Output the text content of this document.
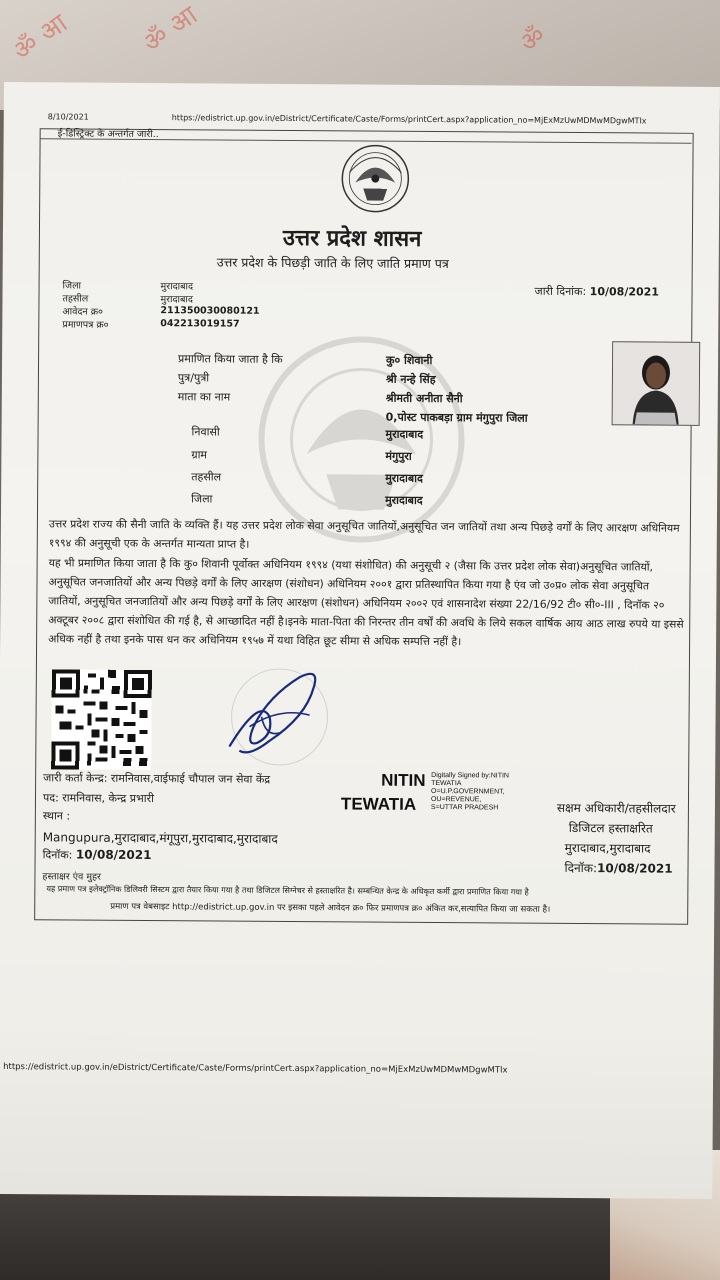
ॐ आ ॐ आ	ॐ
8/10/2021	https://edistrict.up.gov.in/eDistrict/Certificate/Caste/Forms/printCert.aspx?application_no=MjExMzUwMDMwMDgwMTIx
ई-डिस्ट्रिक्ट के अन्तर्गत जारी..
उत्तर प्रदेश शासन
उत्तर प्रदेश के पिछड़ी जाति के लिए जाति प्रमाण पत्र
जारी दिनांक: 10/08/2021
जिला	मुरादाबाद
तहसील	मुरादाबाद
आवेदन क्र०	211350030080121
प्रमाणपत्र क्र०	042213019157
प्रमाणित किया जाता है कि	कु० शिवानी
पुत्र/पुत्री	श्री नन्हे सिंह
माता का नाम	श्रीमती अनीता सैनी
0,पोस्ट पाकबड़ा ग्राम मंगुपुरा जिला
निवासी	मुरादाबाद
ग्राम	मंगुपुरा
तहसील	मुरादाबाद
जिला	मुरादाबाद
उत्तर प्रदेश राज्य की सैनी जाति के व्यक्ति हैं। यह उत्तर प्रदेश लोक सेवा अनुसूचित जातियों,अनुसूचित जन जातियों तथा अन्य पिछड़े वर्गों के लिए आरक्षण अधिनियम १९९४ की अनुसूची एक के अन्तर्गत मान्यता प्राप्त है।
यह भी प्रमाणित किया जाता है कि कु० शिवानी पूर्वोक्त अधिनियम १९९४ (यथा संशोधित) की अनुसूची २ (जैसा कि उत्तर प्रदेश लोक सेवा)अनुसूचित जातियों, अनुसूचित जनजातियों और अन्य पिछड़े वर्गों के लिए आरक्षण (संशोधन) अधिनियम २००१ द्वारा प्रतिस्थापित किया गया है एंव जो उ०प्र० लोक सेवा अनुसूचित जातियों, अनुसूचित जनजातियों और अन्य पिछड़े वर्गों के लिए आरक्षण (संशोधन) अधिनियम २००२ एवं शासनादेश संख्या 22/16/92 टी० सी०-III , दिनॉक २० अक्टूबर २००८ द्वारा संशोधित की गई है, से आच्छादित नहीं है।इनके माता-पिता की निरन्तर तीन वर्षों की अवधि के लिये सकल वार्षिक आय आठ लाख रुपये या इससे अधिक नहीं है तथा इनके पास धन कर अधिनियम १९५७ में यथा विहित छूट सीमा से अधिक सम्पत्ति नहीं है।
जारी कर्ता केन्द्र: रामनिवास,वाईफाई चौपाल जन सेवा केंद्र
पद: रामनिवास, केन्द्र प्रभारी
स्थान :
Mangupura,मुरादाबाद,मंगूपुरा,मुरादाबाद,मुरादाबाद
दिनॉक: 10/08/2021
हस्ताक्षर एंव मुहर
NITIN
TEWATIA
Digitally Signed by:NITIN
TEWATIA
O=U.P.GOVERNMENT,
OU=REVENUE,
S=UTTAR PRADESH	सक्षम अधिकारी/तहसीलदार
डिजिटल हस्ताक्षरित
मुरादाबाद,मुरादाबाद
दिनॉक:10/08/2021
यह प्रमाण पत्र इलेक्ट्रॉनिक डिलिवरी सिस्टम द्वारा तैयार किया गया है तथा डिजिटल सिग्नेचर से हस्ताक्षरित है। सम्बन्धित केन्द्र के अधिकृत कर्मी द्वारा प्रमाणित किया गया है
प्रमाण पत्र वेबसाइट http://edistrict.up.gov.in पर इसका पहले आवेदन क्र० फिर प्रमाणपत्र क्र० अंकित कर,सत्यापित किया जा सकता है।
https://edistrict.up.gov.in/eDistrict/Certificate/Caste/Forms/printCert.aspx?application_no=MjExMzUwMDMwMDgwMTIx
